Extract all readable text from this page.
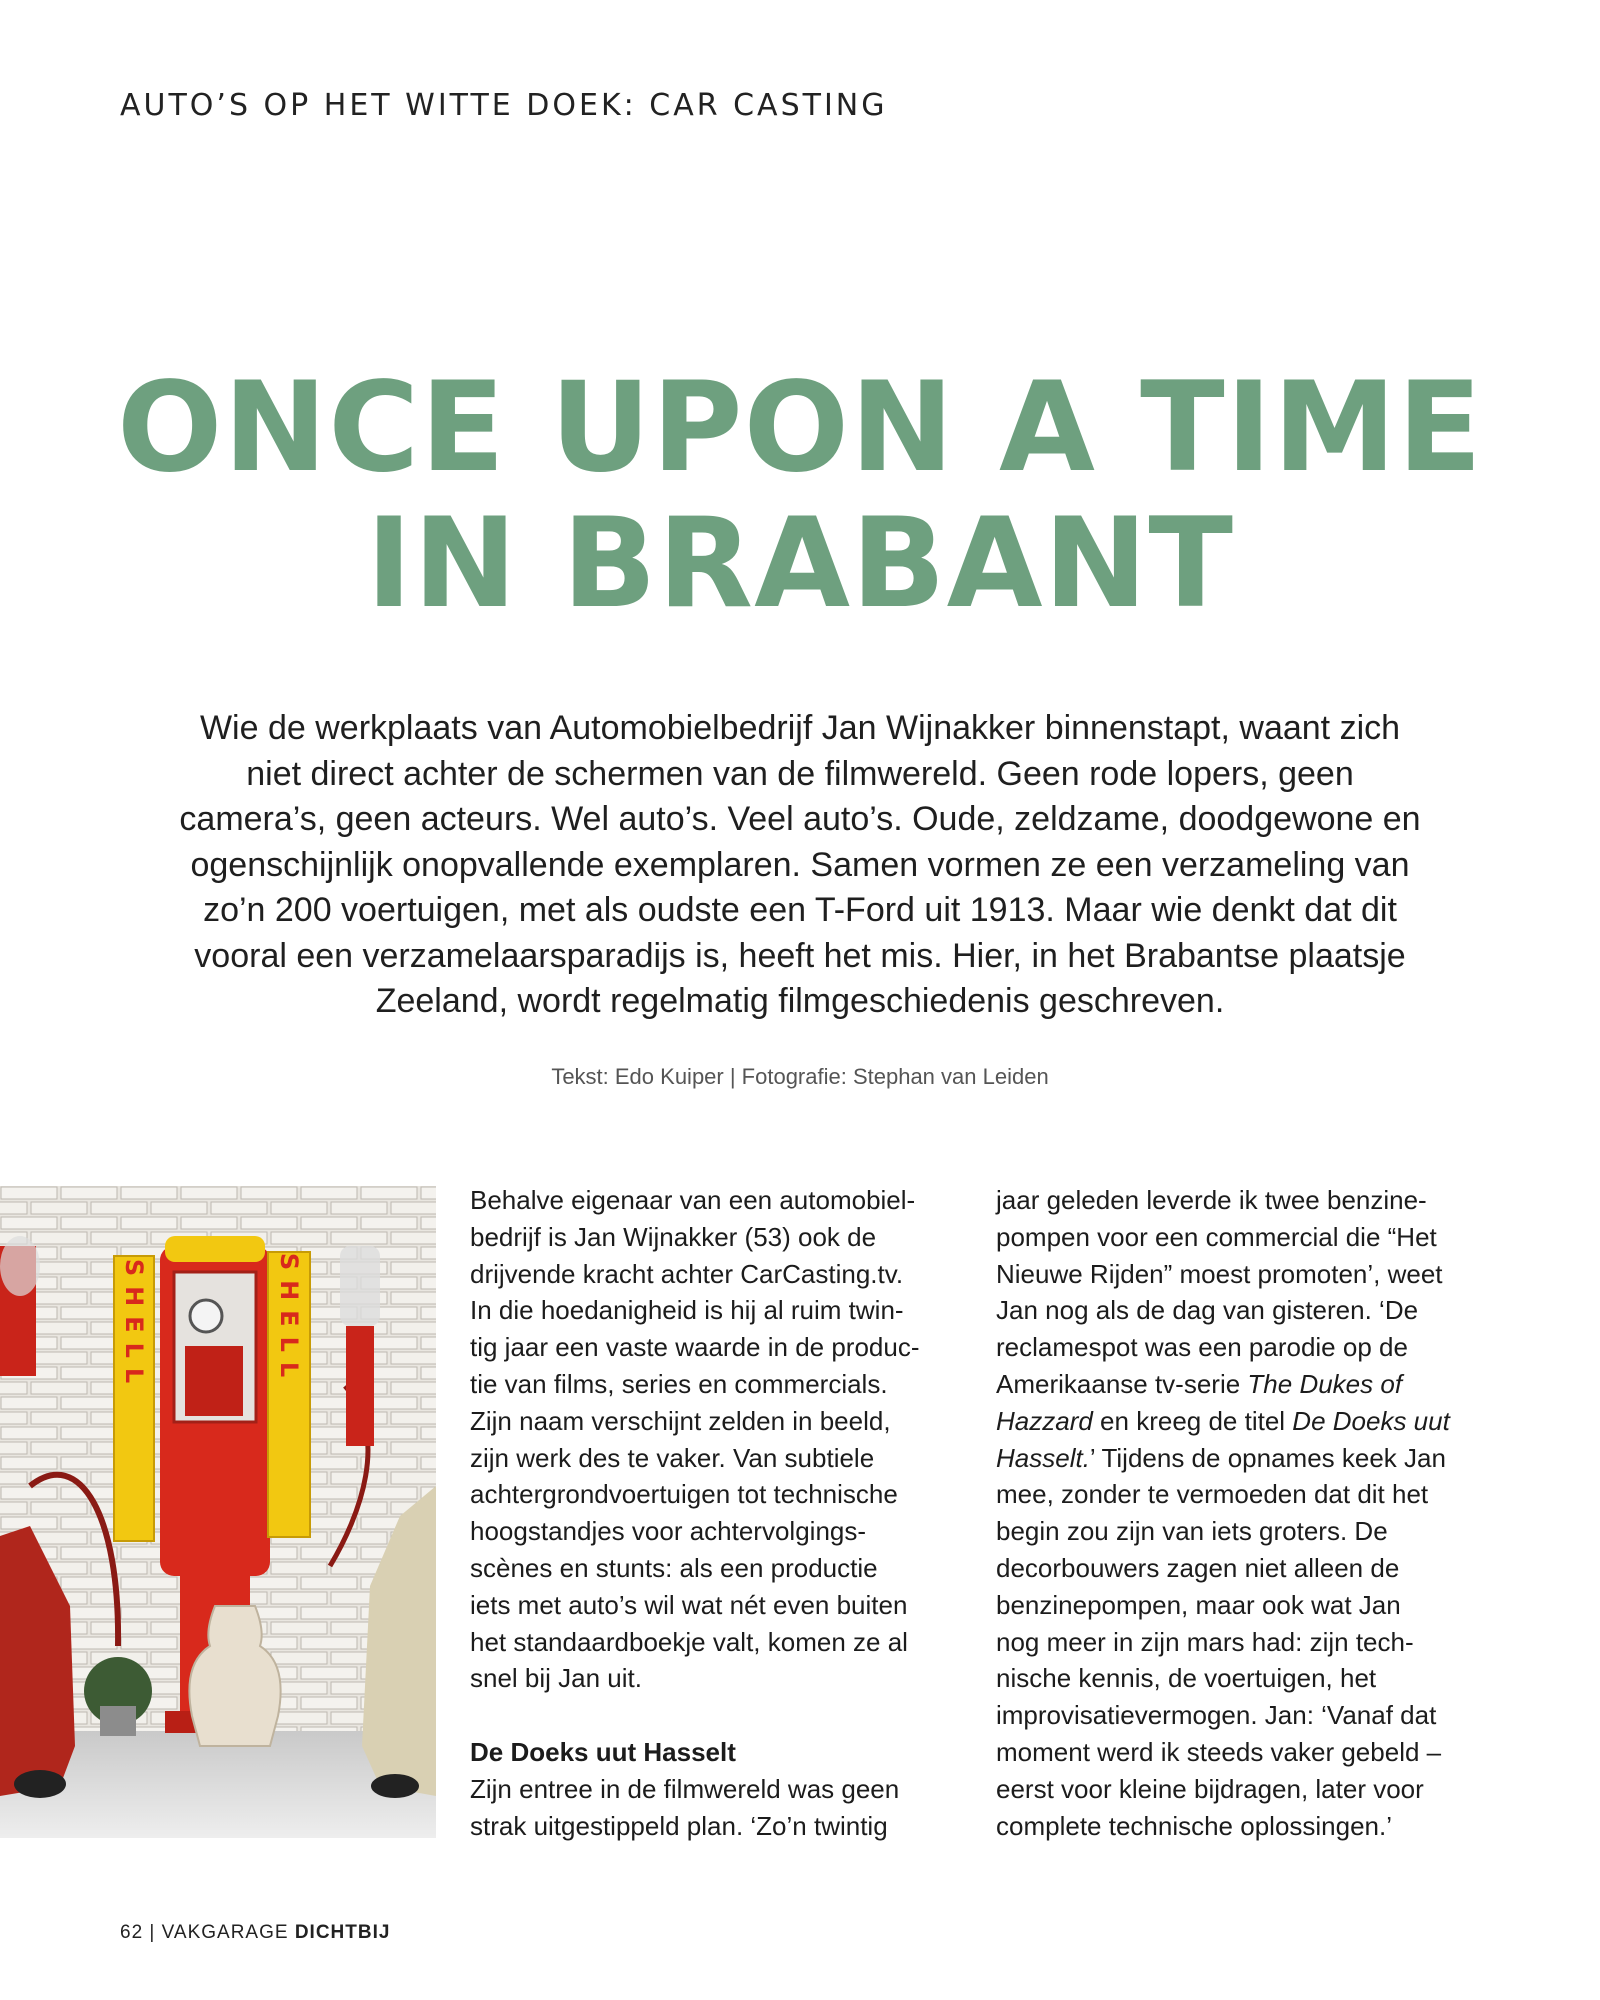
AUTO’S OP HET WITTE DOEK: CAR CASTING
ONCE UPON A TIME
IN BRABANT

Wie de werkplaats van Automobielbedrijf Jan Wijnakker binnenstapt, waant zich niet direct achter de schermen van de filmwereld. Geen rode lopers, geen camera’s, geen acteurs. Wel auto’s. Veel auto’s. Oude, zeldzame, doodgewone en ogenschijnlijk onopvallende exemplaren. Samen vormen ze een verzameling van zo’n 200 voertuigen, met als oudste een T-Ford uit 1913. Maar wie denkt dat dit vooral een verzamelaarsparadijs is, heeft het mis. Hier, in het Brabantse plaatsje Zeeland, wordt regelmatig filmgeschiedenis geschreven.

Tekst: Edo Kuiper | Fotografie: Stephan van Leiden

SHELL	SHELL

Behalve eigenaar van een automobiel-
bedrijf is Jan Wijnakker (53) ook de
drijvende kracht achter CarCasting.tv.
In die hoedanigheid is hij al ruim twin-
tig jaar een vaste waarde in de produc-
tie van films, series en commercials.
Zijn naam verschijnt zelden in beeld,
zijn werk des te vaker. Van subtiele
achtergrondvoertuigen tot technische
hoogstandjes voor achtervolgings-
scènes en stunts: als een productie
iets met auto’s wil wat nét even buiten
het standaardboekje valt, komen ze al
snel bij Jan uit.

De Doeks uut Hasselt

Zijn entree in de filmwereld was geen
strak uitgestippeld plan. ‘Zo’n twintig

jaar geleden leverde ik twee benzine-
pompen voor een commercial die “Het
Nieuwe Rijden” moest promoten’, weet
Jan nog als de dag van gisteren. ‘De
reclamespot was een parodie op de
Amerikaanse tv-serie The Dukes of
Hazzard en kreeg de titel De Doeks uut
Hasselt.’ Tijdens de opnames keek Jan
mee, zonder te vermoeden dat dit het
begin zou zijn van iets groters. De
decorbouwers zagen niet alleen de
benzinepompen, maar ook wat Jan
nog meer in zijn mars had: zijn tech-
nische kennis, de voertuigen, het
improvisatievermogen. Jan: ‘Vanaf dat
moment werd ik steeds vaker gebeld –
eerst voor kleine bijdragen, later voor
complete technische oplossingen.’

62 | VAKGARAGE DICHTBIJ
